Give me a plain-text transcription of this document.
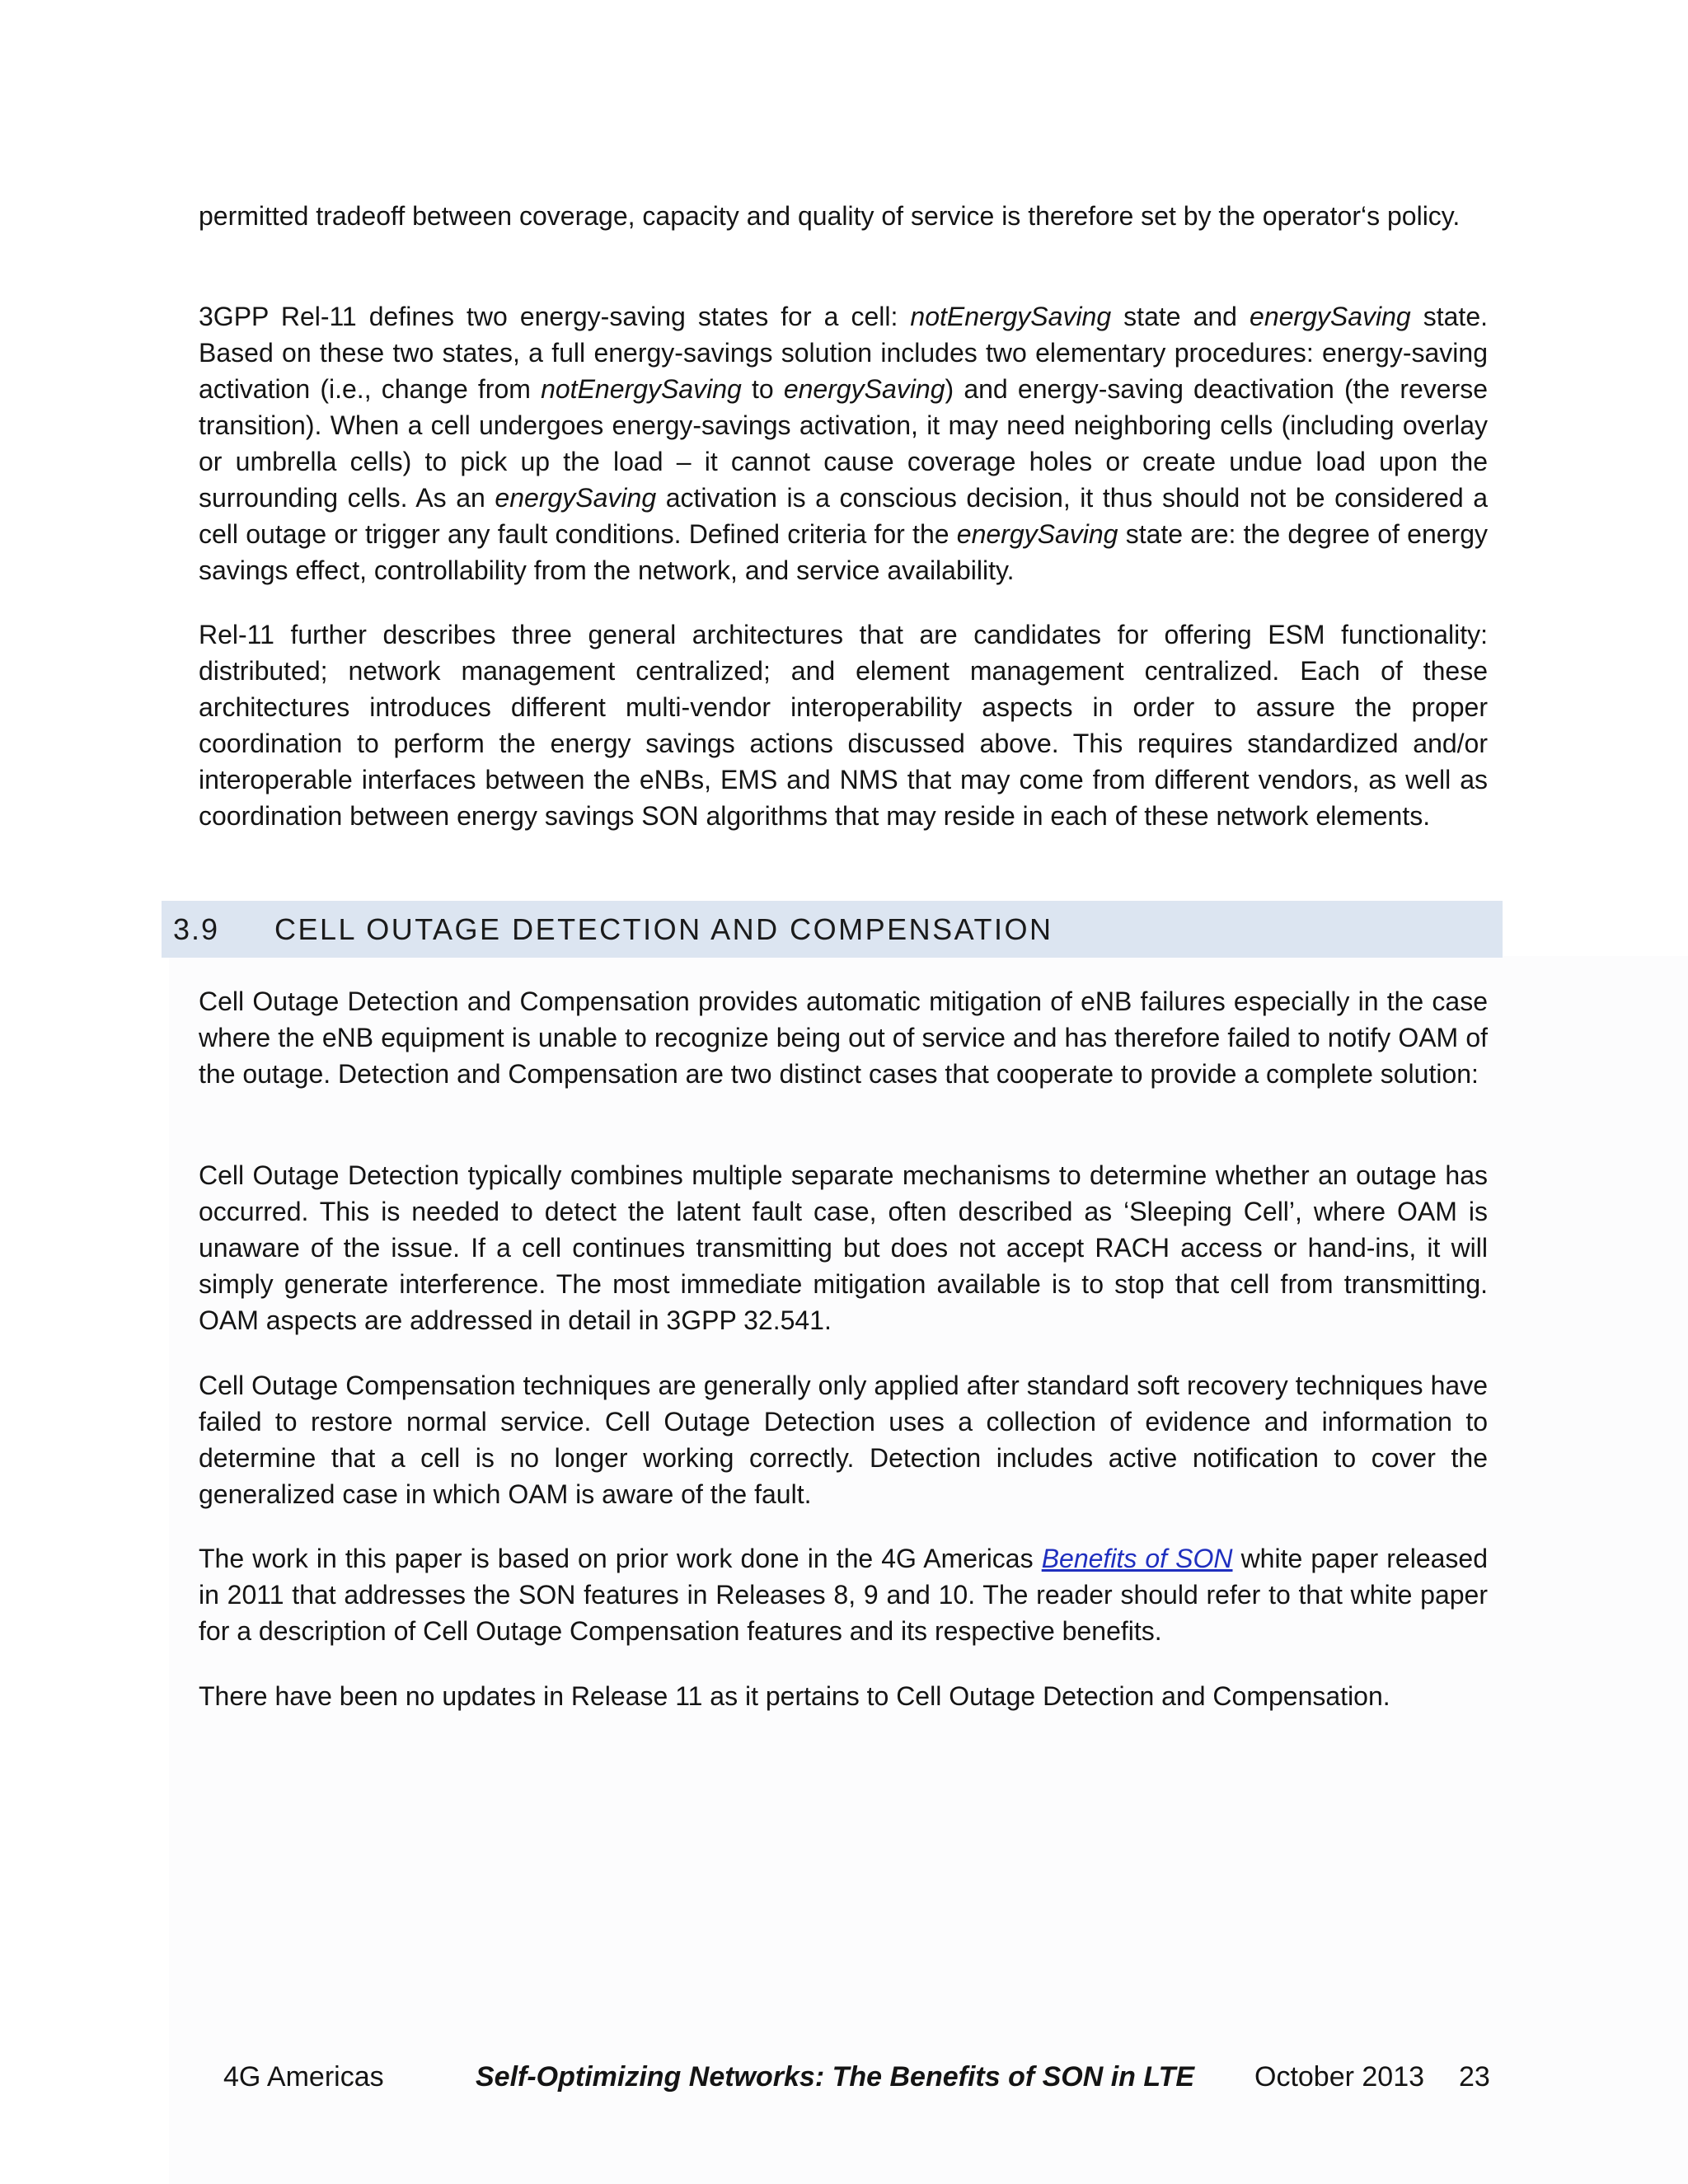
permitted tradeoff between coverage, capacity and quality of service is therefore set by the operator‘s policy.

3GPP Rel-11 defines two energy-saving states for a cell: notEnergySaving state and energySaving state. Based on these two states, a full energy-savings solution includes two elementary procedures: energy-saving activation (i.e., change from notEnergySaving to energySaving) and energy-saving deactivation (the reverse transition). When a cell undergoes energy-savings activation, it may need neighboring cells (including overlay or umbrella cells) to pick up the load – it cannot cause coverage holes or create undue load upon the surrounding cells. As an energySaving activation is a conscious decision, it thus should not be considered a cell outage or trigger any fault conditions. Defined criteria for the energySaving state are: the degree of energy savings effect, controllability from the network, and service availability.

Rel-11 further describes three general architectures that are candidates for offering ESM functionality: distributed; network management centralized; and element management centralized. Each of these architectures introduces different multi-vendor interoperability aspects in order to assure the proper coordination to perform the energy savings actions discussed above. This requires standardized and/or interoperable interfaces between the eNBs, EMS and NMS that may come from different vendors, as well as coordination between energy savings SON algorithms that may reside in each of these network elements.

3.9 CELL OUTAGE DETECTION AND COMPENSATION

Cell Outage Detection and Compensation provides automatic mitigation of eNB failures especially in the case where the eNB equipment is unable to recognize being out of service and has therefore failed to notify OAM of the outage. Detection and Compensation are two distinct cases that cooperate to provide a complete solution:

Cell Outage Detection typically combines multiple separate mechanisms to determine whether an outage has occurred. This is needed to detect the latent fault case, often described as ‘Sleeping Cell’, where OAM is unaware of the issue. If a cell continues transmitting but does not accept RACH access or hand-ins, it will simply generate interference. The most immediate mitigation available is to stop that cell from transmitting. OAM aspects are addressed in detail in 3GPP 32.541.

Cell Outage Compensation techniques are generally only applied after standard soft recovery techniques have failed to restore normal service. Cell Outage Detection uses a collection of evidence and information to determine that a cell is no longer working correctly. Detection includes active notification to cover the generalized case in which OAM is aware of the fault.

The work in this paper is based on prior work done in the 4G Americas Benefits of SON white paper released in 2011 that addresses the SON features in Releases 8, 9 and 10. The reader should refer to that white paper for a description of Cell Outage Compensation features and its respective benefits.

There have been no updates in Release 11 as it pertains to Cell Outage Detection and Compensation.

4G Americas	Self-Optimizing Networks: The Benefits of SON in LTE October 2013 23
